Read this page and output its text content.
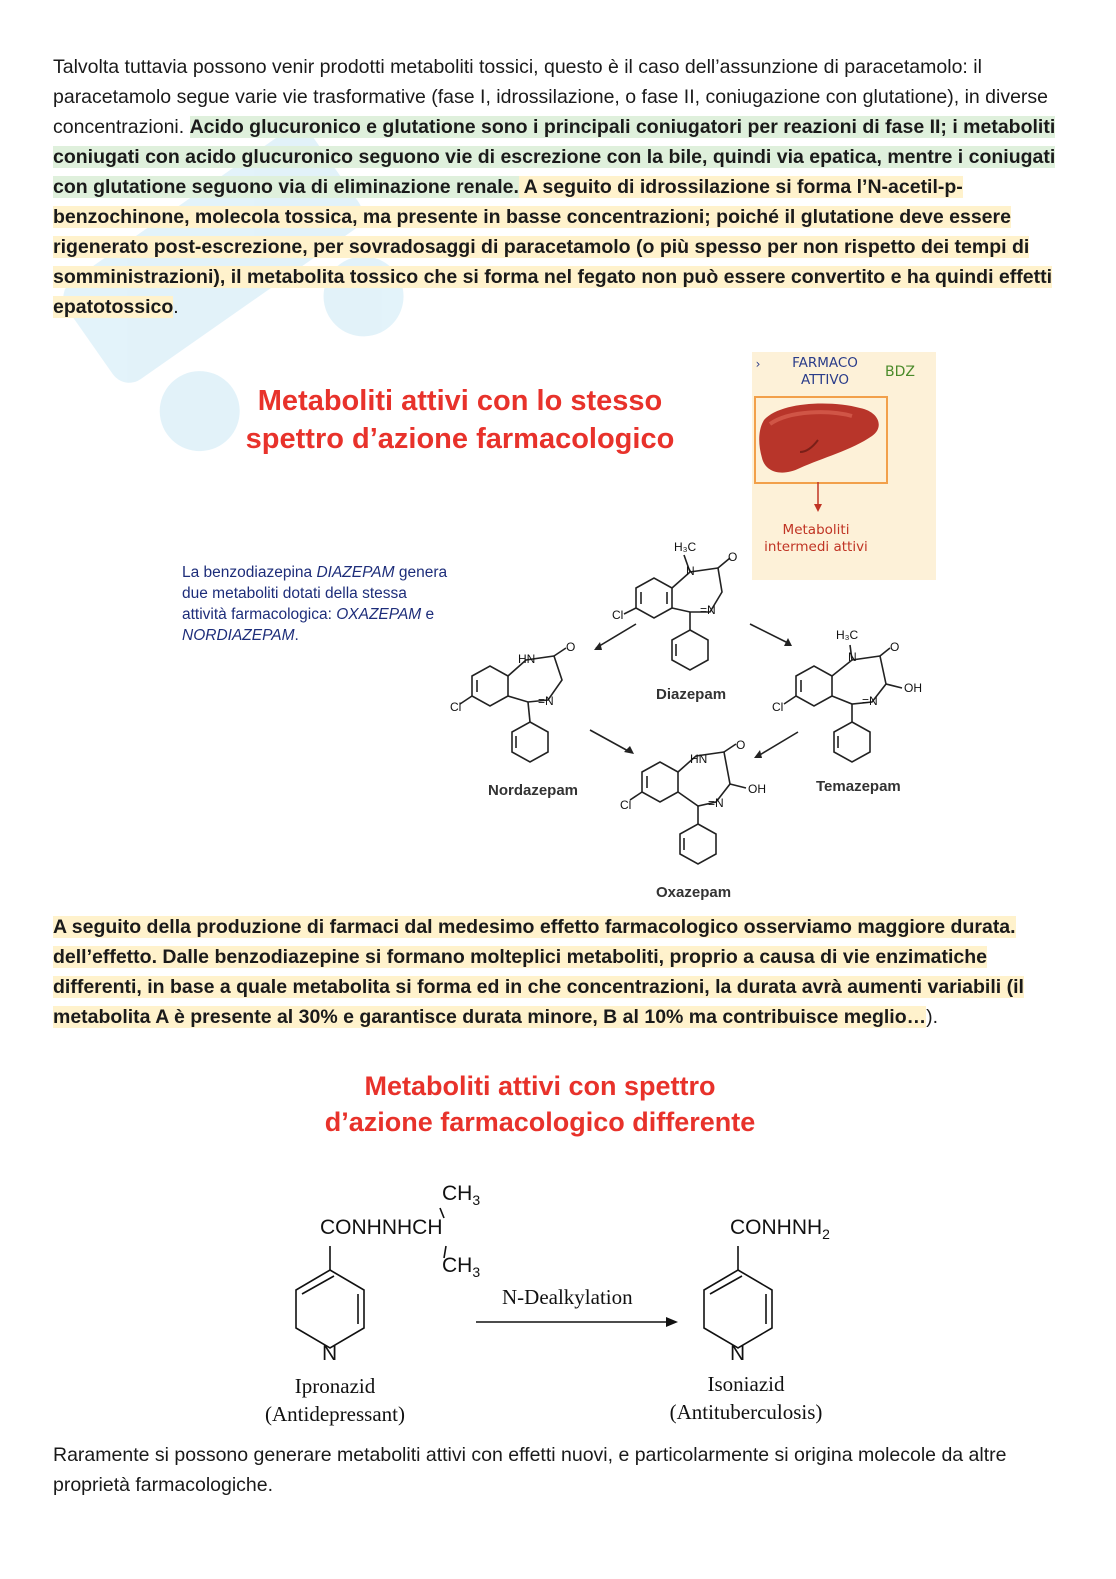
Talvolta tuttavia possono venir prodotti metaboliti tossici, questo è il caso dell’assunzione di paracetamolo: il paracetamolo segue varie vie trasformative (fase I, idrossilazione, o fase II, coniugazione con glutatione), in diverse concentrazioni. Acido glucuronico e glutatione sono i principali coniugatori per reazioni di fase II; i metaboliti coniugati con acido glucuronico seguono vie di escrezione con la bile, quindi via epatica, mentre i coniugati con glutatione seguono via di eliminazione renale. A seguito di idrossilazione si forma l’N-acetil-p-benzochinone, molecola tossica, ma presente in basse concentrazioni; poiché il glutatione deve essere rigenerato post-escrezione, per sovradosaggi di paracetamolo (o più spesso per non rispetto dei tempi di somministrazioni), il metabolita tossico che si forma nel fegato non può essere convertito e ha quindi effetti epatotossico.
Metaboliti attivi con lo stesso
spettro d’azione farmacologico
La benzodiazepina DIAZEPAM genera due metaboliti dotati della stessa attività farmacologica: OXAZEPAM e NORDIAZEPAM.
›	FARMACO ATTIVO	BDZ
Metaboliti intermedi attivi
H₃C
N
O
Cl	=N
HN
O
Cl	=N
H₃C
N
O
OH
Cl	=N
HN
O
OH
Cl	=N
Diazepam
Nordazepam	Temazepam
Oxazepam
A seguito della produzione di farmaci dal medesimo effetto farmacologico osserviamo maggiore durata. dell’effetto. Dalle benzodiazepine si formano molteplici metaboliti, proprio a causa di vie enzimatiche differenti, in base a quale metabolita si forma ed in che concentrazioni, la durata avrà aumenti variabili (il metabolita A è presente al 30% e garantisce durata minore, B al 10% ma contribuisce meglio…).
Metaboliti attivi con spettro
d’azione farmacologico differente
CONHNHCH
$CH_3$
$CH_3$
N
$CONHNH_2$
N
N-Dealkylation
Ipronazid
(Antidepressant)
Isoniazid
(Antituberculosis)
Raramente si possono generare metaboliti attivi con effetti nuovi, e particolarmente si origina molecole da altre proprietà farmacologiche.
